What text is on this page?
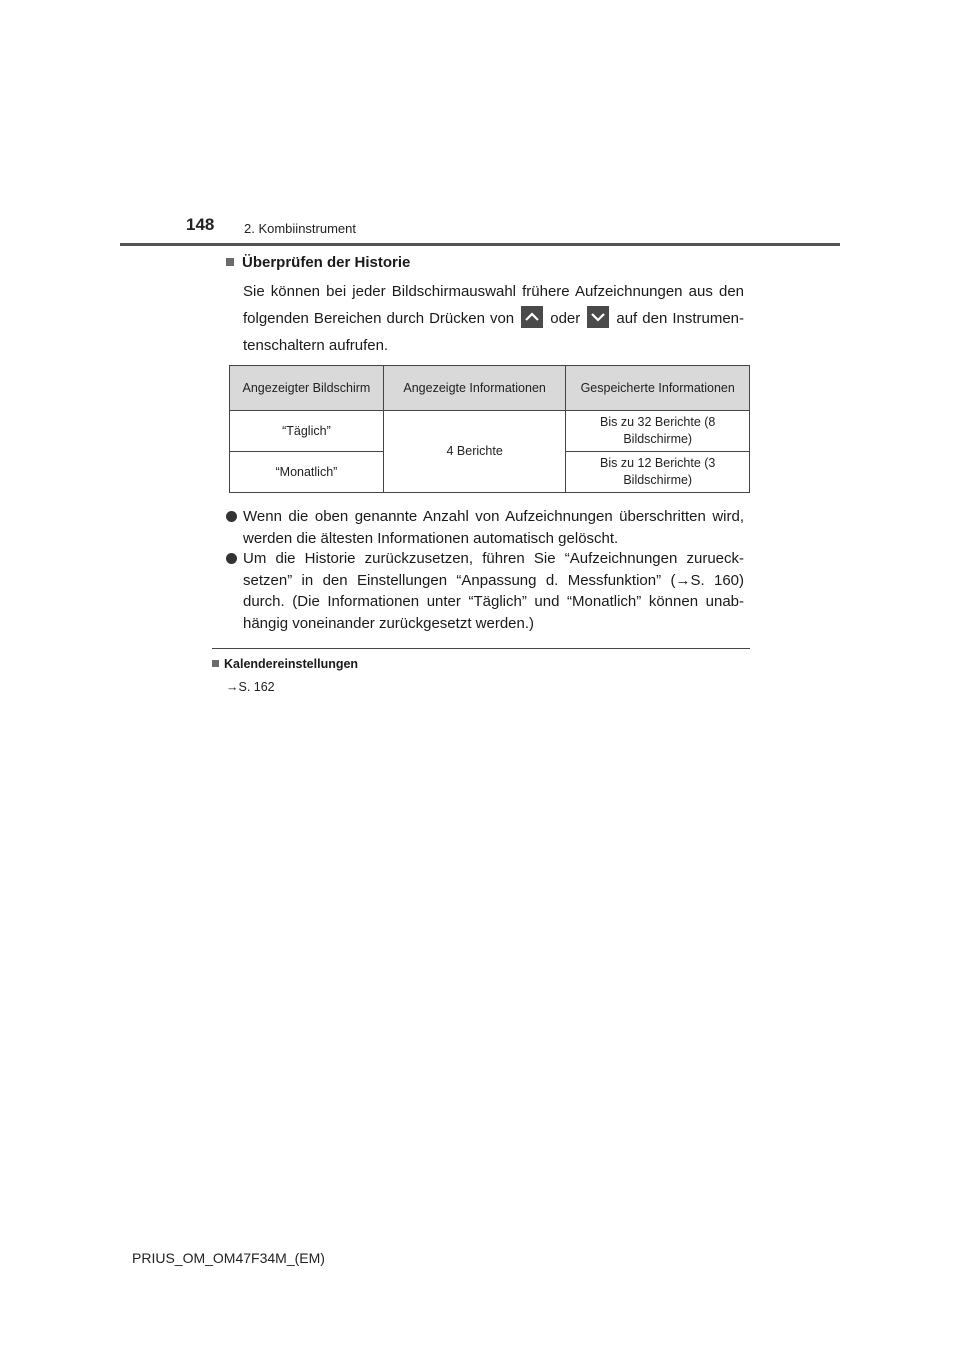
148 2. Kombiinstrument
Überprüfen der Historie
Sie können bei jeder Bildschirmauswahl frühere Aufzeichnungen aus den folgenden Bereichen durch Drücken von oder auf den Instrumen-tenschaltern aufrufen.
Angezeigter Bildschirm	Angezeigte Informationen	Gespeicherte Informationen
“Täglich”	4 Berichte	Bis zu 32 Berichte (8 Bildschirme)
“Monatlich”		Bis zu 12 Berichte (3 Bildschirme)
Wenn die oben genannte Anzahl von Aufzeichnungen überschritten wird, werden die ältesten Informationen automatisch gelöscht.
Um die Historie zurückzusetzen, führen Sie “Aufzeichnungen zurueck-setzen” in den Einstellungen “Anpassung d. Messfunktion” (→S. 160) durch. (Die Informationen unter “Täglich” und “Monatlich” können unab-hängig voneinander zurückgesetzt werden.)
Kalendereinstellungen
→S. 162
PRIUS_OM_OM47F34M_(EM)
